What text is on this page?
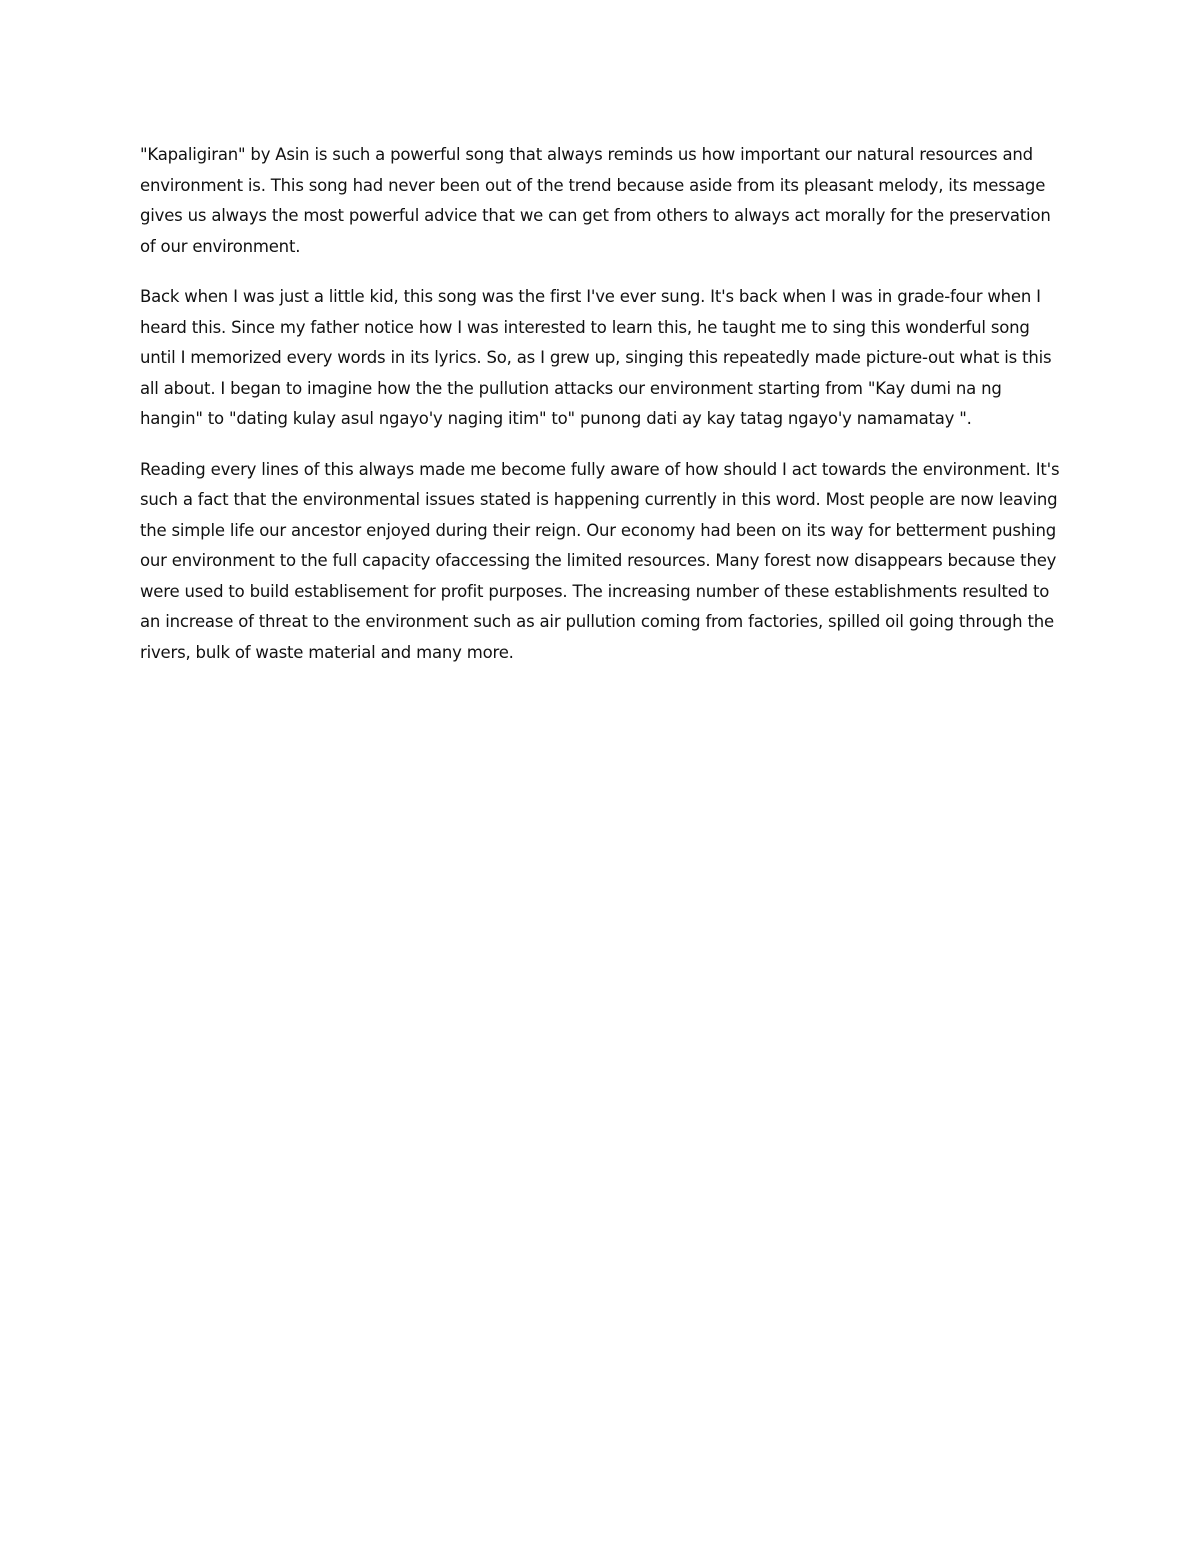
"Kapaligiran" by Asin is such a powerful song that always reminds us how important our natural resources and environment is. This song had never been out of the trend because aside from its pleasant melody, its message gives us always the most powerful advice that we can get from others to always act morally for the preservation of our environment.

Back when I was just a little kid, this song was the first I've ever sung. It's back when I was in grade-four when I heard this. Since my father notice how I was interested to learn this, he taught me to sing this wonderful song until I memorized every words in its lyrics. So, as I grew up, singing this repeatedly made picture-out what is this all about. I began to imagine how the the pullution attacks our environment starting from "Kay dumi na ng hangin" to "dating kulay asul ngayo'y naging itim" to" punong dati ay kay tatag ngayo'y namamatay ".

Reading every lines of this always made me become fully aware of how should I act towards the environment. It's such a fact that the environmental issues stated is happening currently in this word. Most people are now leaving the simple life our ancestor enjoyed during their reign. Our economy had been on its way for betterment pushing our environment to the full capacity ofaccessing the limited resources. Many forest now disappears because they were used to build establisement for profit purposes. The increasing number of these establishments resulted to an increase of threat to the environment such as air pullution coming from factories, spilled oil going through the rivers, bulk of waste material and many more.
